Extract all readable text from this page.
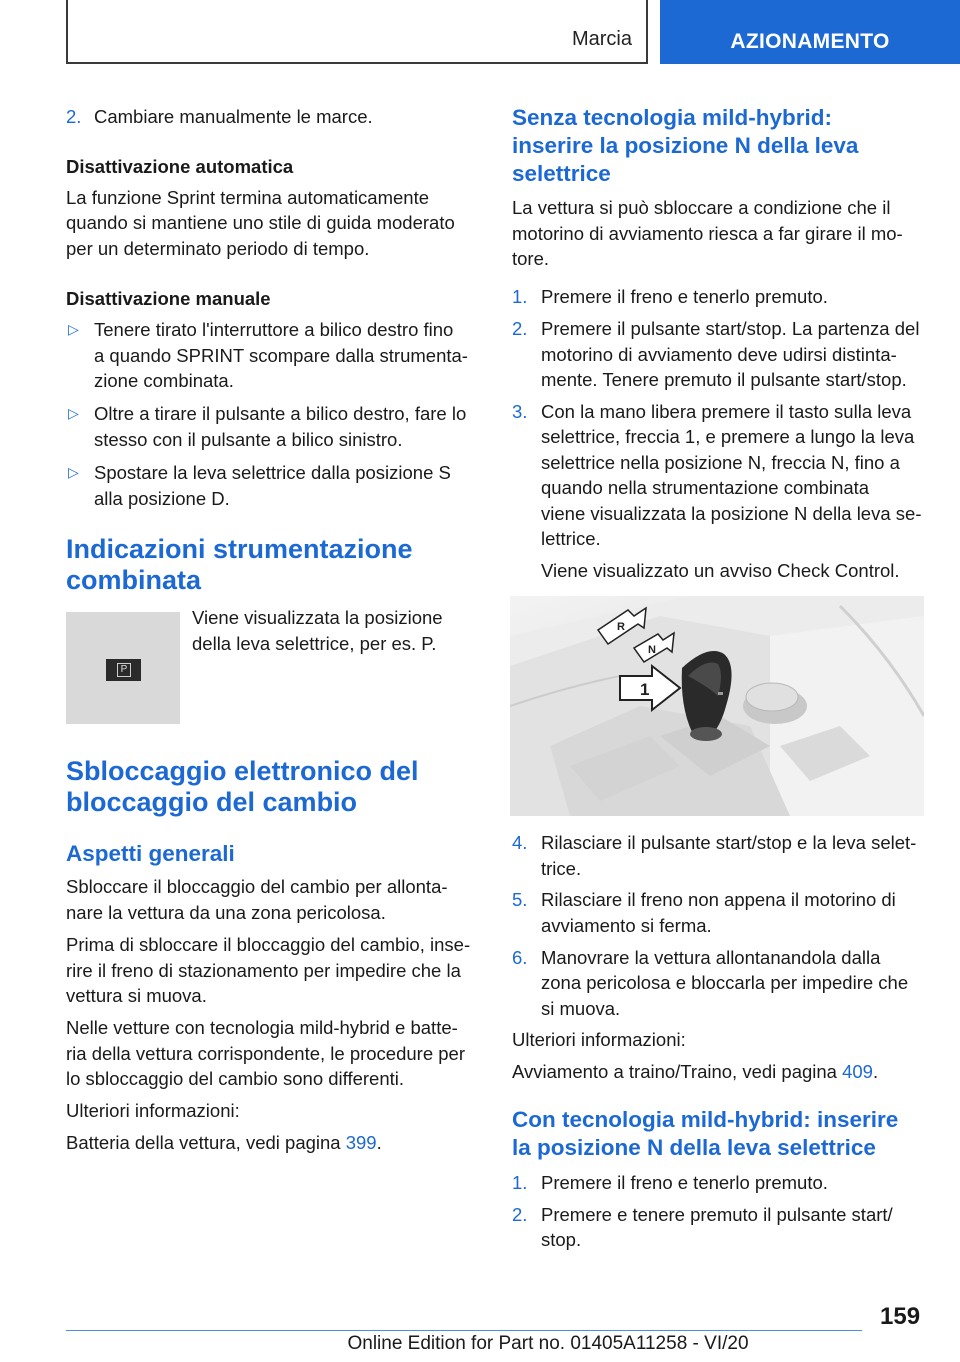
Marcia	AZIONAMENTO
2. Cambiare manualmente le marce.
Disattivazione automatica
La funzione Sprint termina automaticamente
quando si mantiene uno stile di guida moderato
per un determinato periodo di tempo.
Disattivazione manuale
▷ Tenere tirato l'interruttore a bilico destro fino
a quando SPRINT scompare dalla strumenta‐
zione combinata.
▷ Oltre a tirare il pulsante a bilico destro, fare lo
stesso con il pulsante a bilico sinistro.
▷ Spostare la leva selettrice dalla posizione S
alla posizione D.
Indicazioni strumentazione
combinata
P
Viene visualizzata la posizione
della leva selettrice, per es. P.
Sbloccaggio elettronico del
bloccaggio del cambio
Aspetti generali
Sbloccare il bloccaggio del cambio per allonta‐
nare la vettura da una zona pericolosa.
Prima di sbloccare il bloccaggio del cambio, inse‐
rire il freno di stazionamento per impedire che la
vettura si muova.
Nelle vetture con tecnologia mild-hybrid e batte‐
ria della vettura corrispondente, le procedure per
lo sbloccaggio del cambio sono differenti.
Ulteriori informazioni:
Batteria della vettura, vedi pagina 399.
Senza tecnologia mild-hybrid:
inserire la posizione N della leva
selettrice
La vettura si può sbloccare a condizione che il
motorino di avviamento riesca a far girare il mo‐
tore.
1. Premere il freno e tenerlo premuto.
2. Premere il pulsante start/stop. La partenza del
motorino di avviamento deve udirsi distinta‐
mente. Tenere premuto il pulsante start/stop.
3. Con la mano libera premere il tasto sulla leva
selettrice, freccia 1, e premere a lungo la leva
selettrice nella posizione N, freccia N, fino a
quando nella strumentazione combinata
viene visualizzata la posizione N della leva se‐
lettrice.
Viene visualizzato un avviso Check Control.
R
N
1
4. Rilasciare il pulsante start/stop e la leva selet‐
trice.
5. Rilasciare il freno non appena il motorino di
avviamento si ferma.
6. Manovrare la vettura allontanandola dalla
zona pericolosa e bloccarla per impedire che
si muova.
Ulteriori informazioni:
Avviamento a traino/Traino, vedi pagina 409.
Con tecnologia mild-hybrid: inserire
la posizione N della leva selettrice
1. Premere il freno e tenerlo premuto.
2. Premere e tenere premuto il pulsante start/
stop.
159
Online Edition for Part no. 01405A11258 - VI/20
